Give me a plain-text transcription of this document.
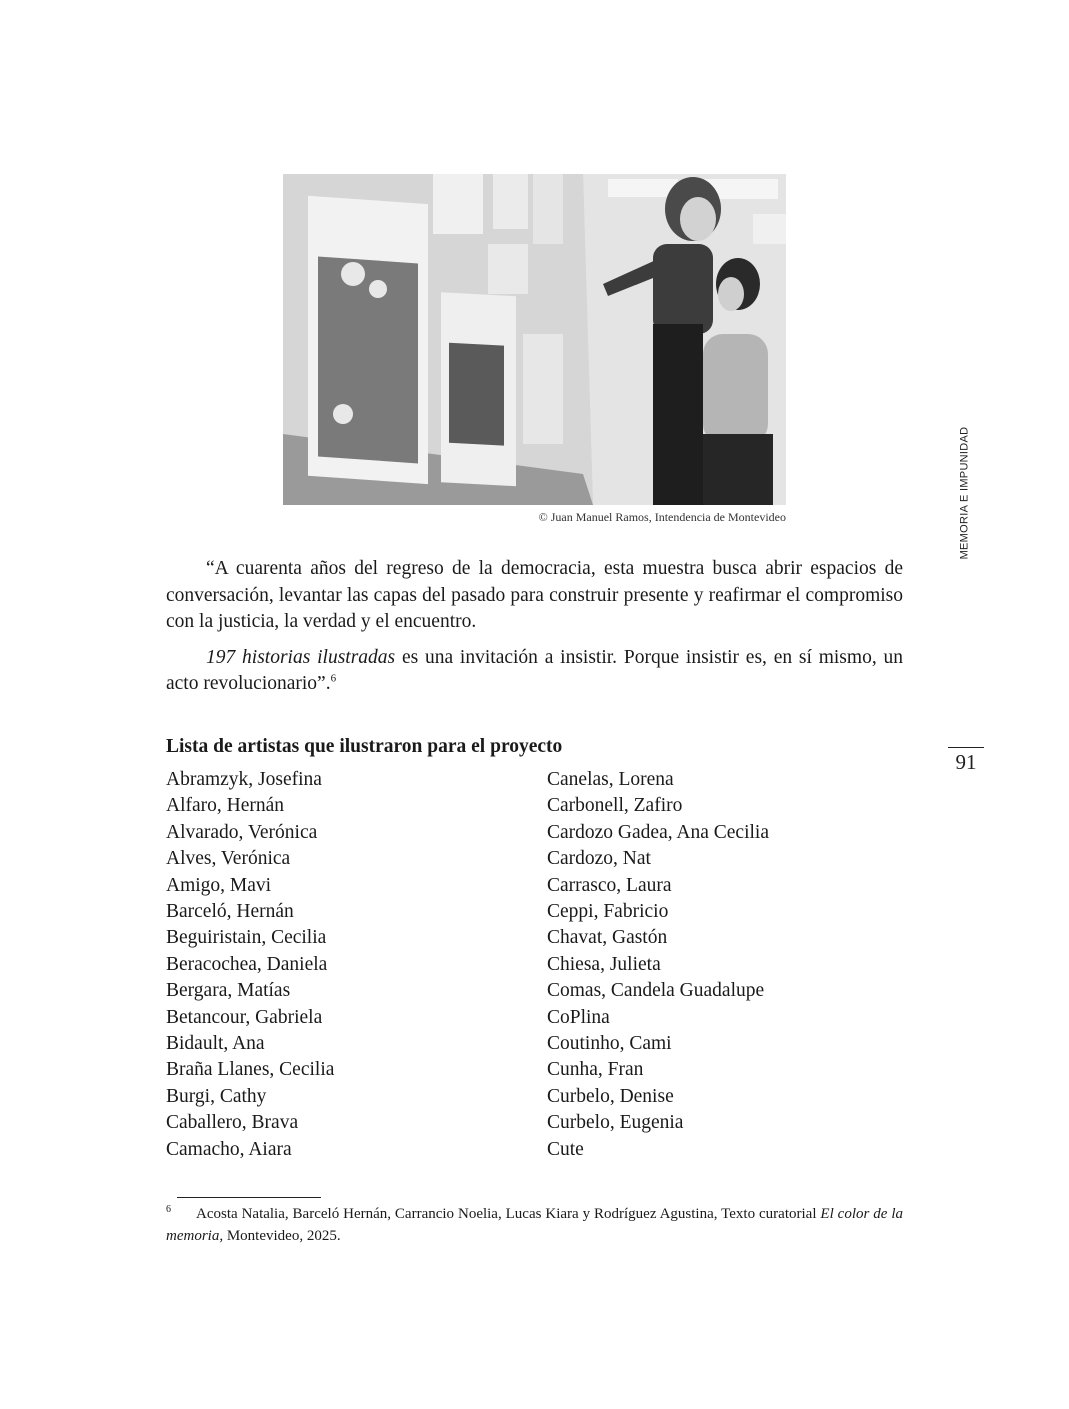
© Juan Manuel Ramos, Intendencia de Montevideo	MEMORIA E IMPUNIDAD
91

“A cuarenta años del regreso de la democracia, esta muestra busca abrir espacios de conversación, levantar las capas del pasado para construir presente y reafirmar el compromiso con la justicia, la verdad y el encuentro.

197 historias ilustradas es una invitación a insistir. Porque insistir es, en sí mismo, un acto revolucionario”.$^6$

Lista de artistas que ilustraron para el proyecto
Abramzyk, Josefina
Alfaro, Hernán
Alvarado, Verónica
Alves, Verónica
Amigo, Mavi
Barceló, Hernán
Beguiristain, Cecilia
Beracochea, Daniela
Bergara, Matías
Betancour, Gabriela
Bidault, Ana
Braña Llanes, Cecilia
Burgi, Cathy
Caballero, Brava
Camacho, Aiara
Canelas, Lorena
Carbonell, Zafiro
Cardozo Gadea, Ana Cecilia
Cardozo, Nat
Carrasco, Laura
Ceppi, Fabricio
Chavat, Gastón
Chiesa, Julieta
Comas, Candela Guadalupe
CoPlina
Coutinho, Cami
Cunha, Fran
Curbelo, Denise
Curbelo, Eugenia
Cute
$^6$ Acosta Natalia, Barceló Hernán, Carrancio Noelia, Lucas Kiara y Rodríguez Agustina, Texto curatorial El color de la memoria, Montevideo, 2025.
